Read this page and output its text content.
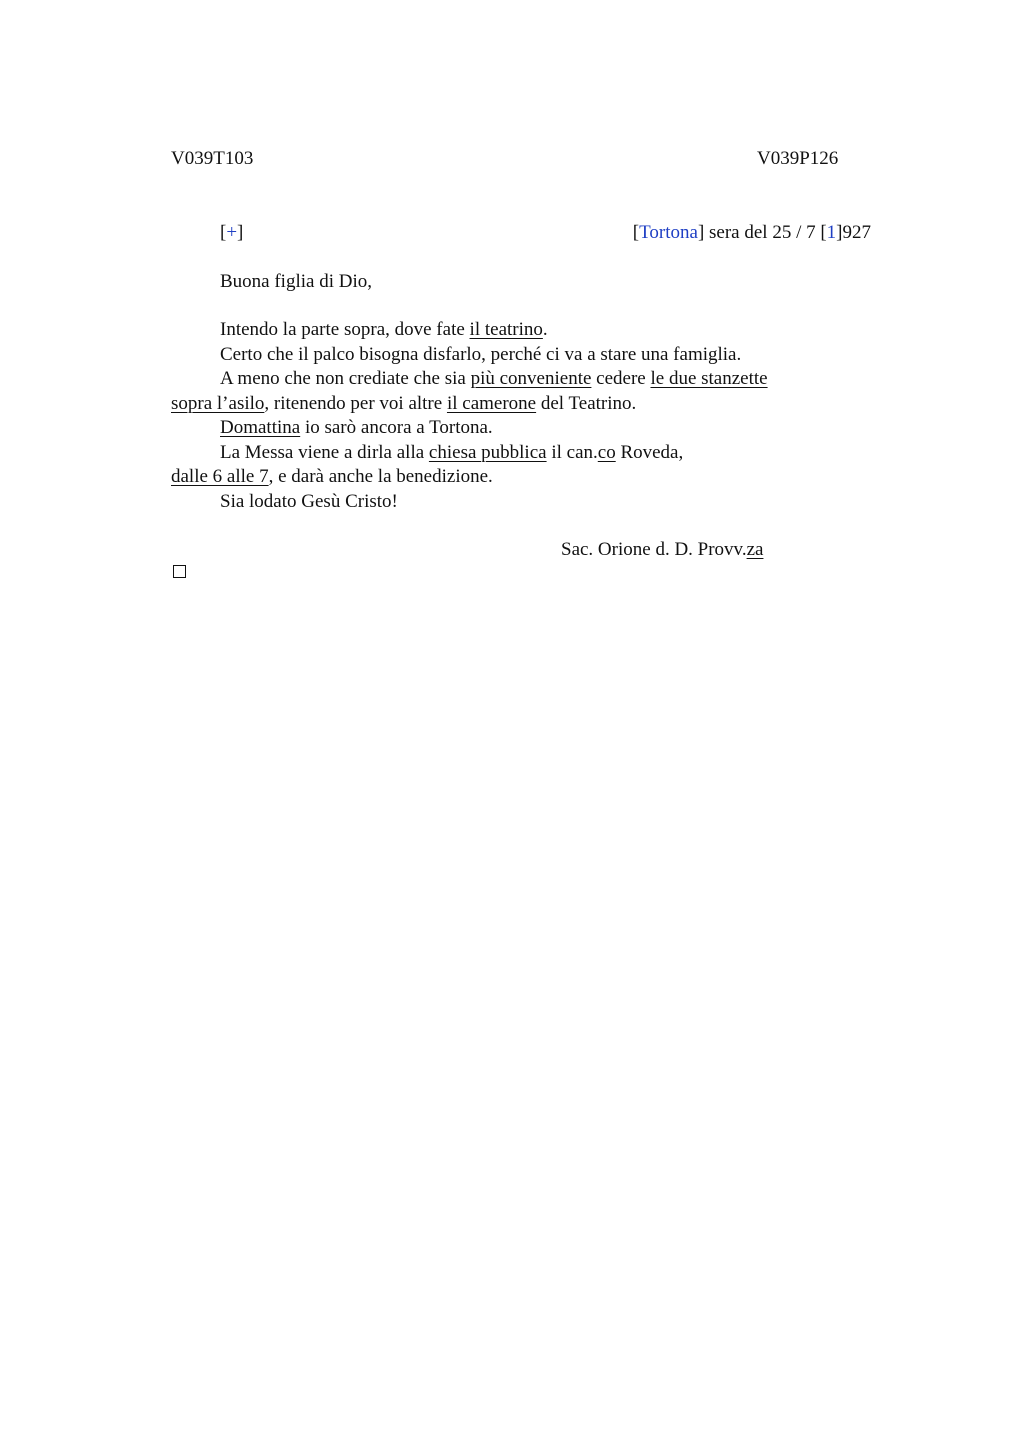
V039T103	V039P126
[+]	[Tortona] sera del 25 / 7 [1]927
Buona figlia di Dio,
Intendo la parte sopra, dove fate il teatrino.
Certo che il palco bisogna disfarlo, perché ci va a stare una famiglia.
A meno che non crediate che sia più conveniente cedere le due stanzette
sopra l’asilo, ritenendo per voi altre il camerone del Teatrino.
Domattina io sarò ancora a Tortona.
La Messa viene a dirla alla chiesa pubblica il can.co Roveda,
dalle 6 alle 7, e darà anche la benedizione.
Sia lodato Gesù Cristo!
Sac. Orione d. D. Provv.za
